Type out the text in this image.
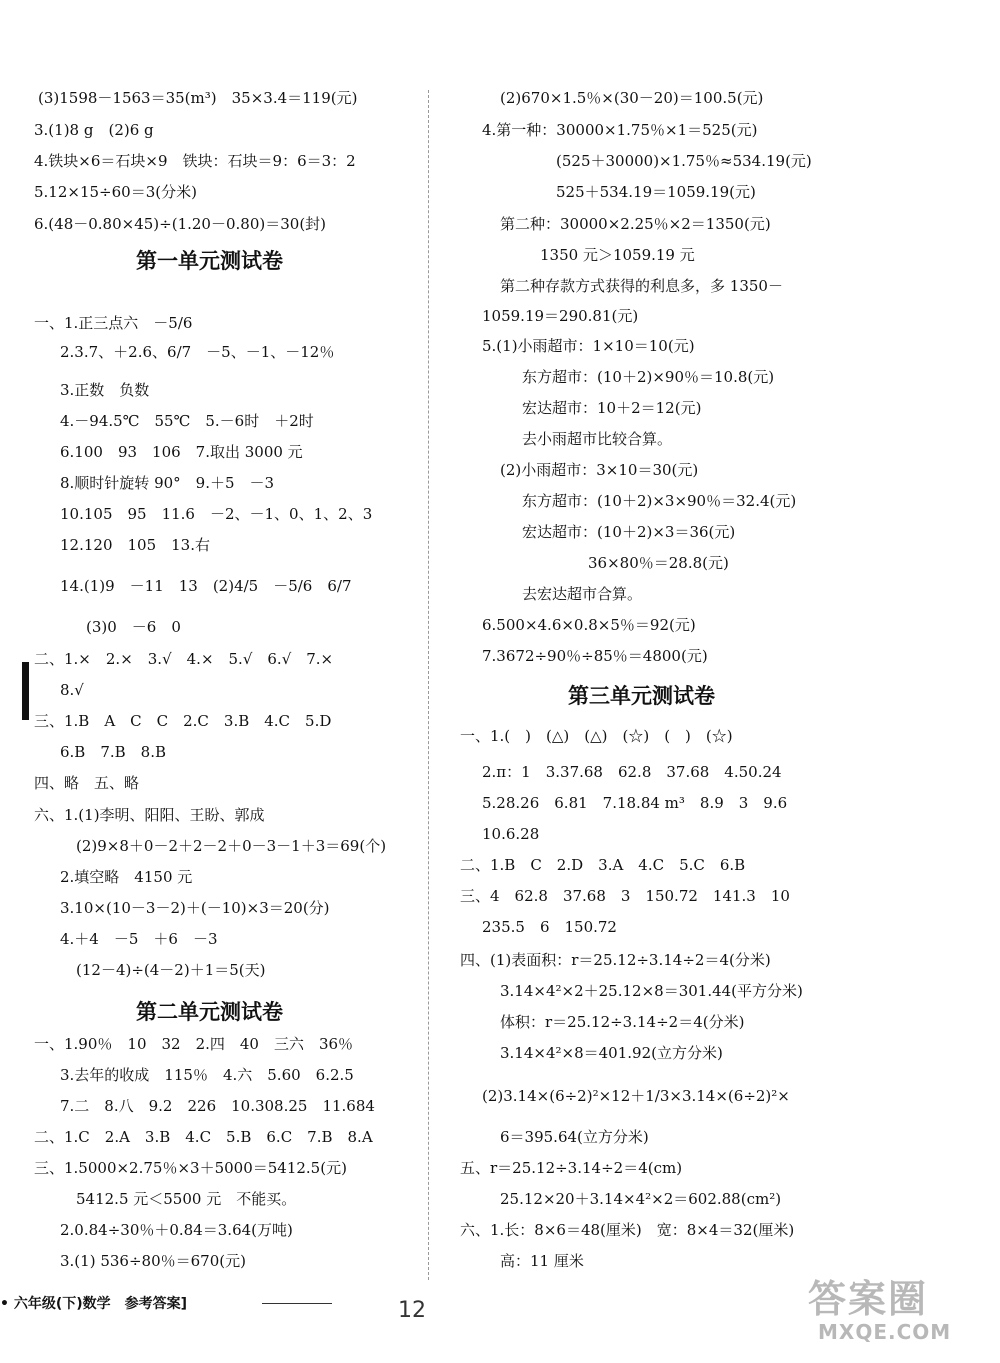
(3)1598－1563＝35(m³)　35×3.4＝119(元)
3.(1)8 g　(2)6 g
4.铁块×6＝石块×9　铁块：石块＝9：6＝3：2
5.12×15÷60＝3(分米)
6.(48－0.80×45)÷(1.20－0.80)＝30(封)
第一单元测试卷
一、1.正三点六　－5/6
2.3.7、＋2.6、6/7　－5、－1、－12％
3.正数　负数
4.－94.5℃　55℃　5.－6时　＋2时
6.100　93　106　7.取出 3000 元
8.顺时针旋转 90°　9.＋5　－3
10.105　95　11.6　－2、－1、0、1、2、3
12.120　105　13.右
14.(1)9　－11　13　(2)4/5　－5/6　6/7
(3)0　－6　0
二、1.×　2.×　3.√　4.×　5.√　6.√　7.×
8.√
三、1.B　A　C　C　2.C　3.B　4.C　5.D
6.B　7.B　8.B
四、略　五、略
六、1.(1)李明、阳阳、王盼、郭成
(2)9×8＋0－2＋2－2＋0－3－1＋3＝69(个)
2.填空略　4150 元
3.10×(10－3－2)＋(－10)×3＝20(分)
4.＋4　－5　＋6　－3
(12－4)÷(4－2)＋1＝5(天)
第二单元测试卷
一、1.90％　10　32　2.四　40　三六　36％
3.去年的收成　115％　4.六　5.60　6.2.5
7.二　8.八　9.2　226　10.308.25　11.684
二、1.C　2.A　3.B　4.C　5.B　6.C　7.B　8.A
三、1.5000×2.75％×3＋5000＝5412.5(元)
5412.5 元＜5500 元　不能买。
2.0.84÷30％＋0.84＝3.64(万吨)
3.(1) 536÷80％＝670(元)
(2)670×1.5％×(30－20)＝100.5(元)
4.第一种：30000×1.75％×1＝525(元)
(525＋30000)×1.75％≈534.19(元)
525＋534.19＝1059.19(元)
第二种：30000×2.25％×2＝1350(元)
1350 元＞1059.19 元
第二种存款方式获得的利息多，多 1350－
1059.19＝290.81(元)
5.(1)小雨超市：1×10＝10(元)
东方超市：(10＋2)×90％＝10.8(元)
宏达超市：10＋2＝12(元)
去小雨超市比较合算。
(2)小雨超市：3×10＝30(元)
东方超市：(10＋2)×3×90％＝32.4(元)
宏达超市：(10＋2)×3＝36(元)
36×80％＝28.8(元)
去宏达超市合算。
6.500×4.6×0.8×5％＝92(元)
7.3672÷90％÷85％＝4800(元)
第三单元测试卷
一、1.(　)　(△)　(△)　(☆)　(　)　(☆)
2.π：1　3.37.68　62.8　37.68　4.50.24
5.28.26　6.81　7.18.84 m³　8.9　3　9.6
10.6.28
二、1.B　C　2.D　3.A　4.C　5.C　6.B
三、4　62.8　37.68　3　150.72　141.3　10
235.5　6　150.72
四、(1)表面积：r＝25.12÷3.14÷2＝4(分米)
3.14×4²×2＋25.12×8＝301.44(平方分米)
体积：r＝25.12÷3.14÷2＝4(分米)
3.14×4²×8＝401.92(立方分米)
(2)3.14×(6÷2)²×12＋1/3×3.14×(6÷2)²×
6＝395.64(立方分米)
五、r＝25.12÷3.14÷2＝4(cm)
25.12×20＋3.14×4²×2＝602.88(cm²)
六、1.长：8×6＝48(厘米)　宽：8×4＝32(厘米)
高：11 厘米
• 六年级(下)数学　参考答案]	12	答案圈
MXQE.COM
